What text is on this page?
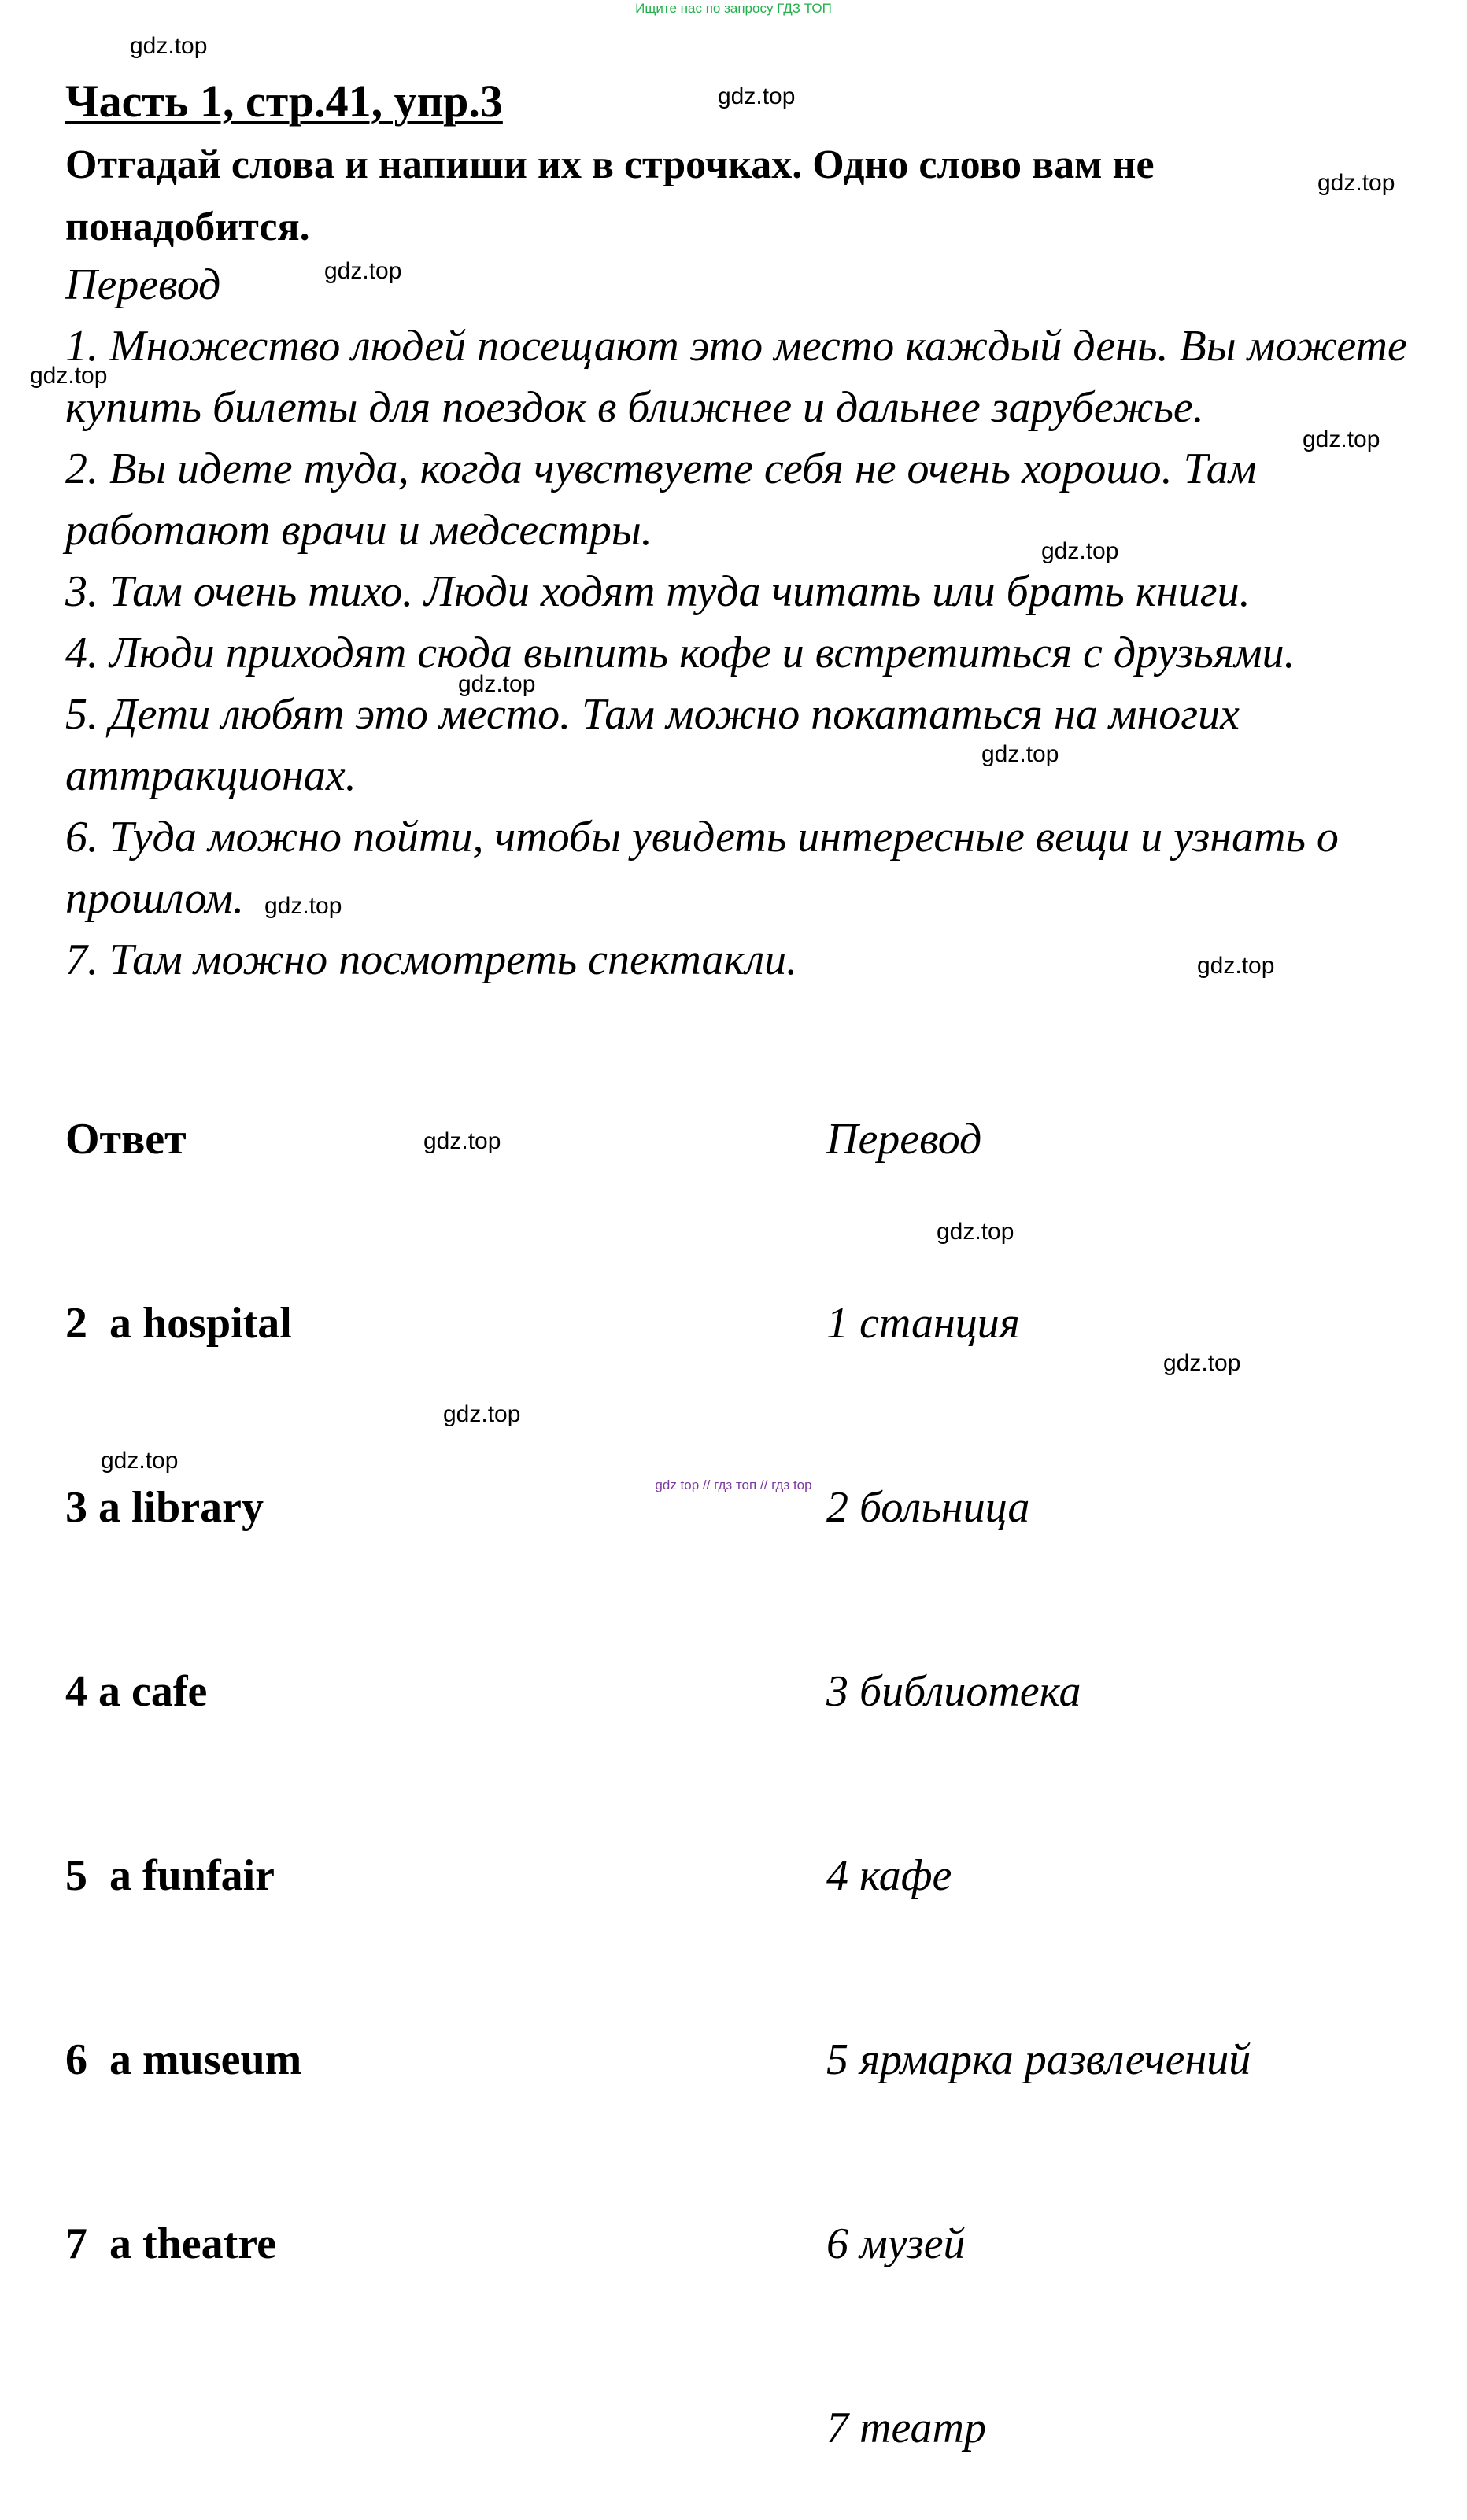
Ищите нас по запросу ГДЗ ТОП
Часть 1, стр.41, упр.3
Отгадай слова и напиши их в строчках. Одно слово вам не понадобится.
Перевод
1. Множество людей посещают это место каждый день. Вы можете купить билеты для поездок в ближнее и дальнее зарубежье.
2. Вы идете туда, когда чувствуете себя не очень хорошо. Там работают врачи и медсестры.
3. Там очень тихо. Люди ходят туда читать или брать книги.
4. Люди приходят сюда выпить кофе и встретиться с друзьями.
5. Дети любят это место. Там можно покататься на многих аттракционах.
6. Туда можно пойти, чтобы увидеть интересные вещи и узнать о прошлом.
7. Там можно посмотреть спектакли.

Ответ

2  a hospital

3 a library

4 a cafe

5  a funfair

6  a museum

7  a theatre

Перевод

1 станция

2 больница

3 библиотека

4 кафе

5 ярмарка развлечений

6 музей

7 театр

gdz.top
gdz.top
gdz.top
gdz.top
gdz.top
gdz.top
gdz.top
gdz.top
gdz.top
gdz.top
gdz.top
gdz.top
gdz.top
gdz.top
gdz.top
gdz.top
gdz top // гдз топ // гдз top
